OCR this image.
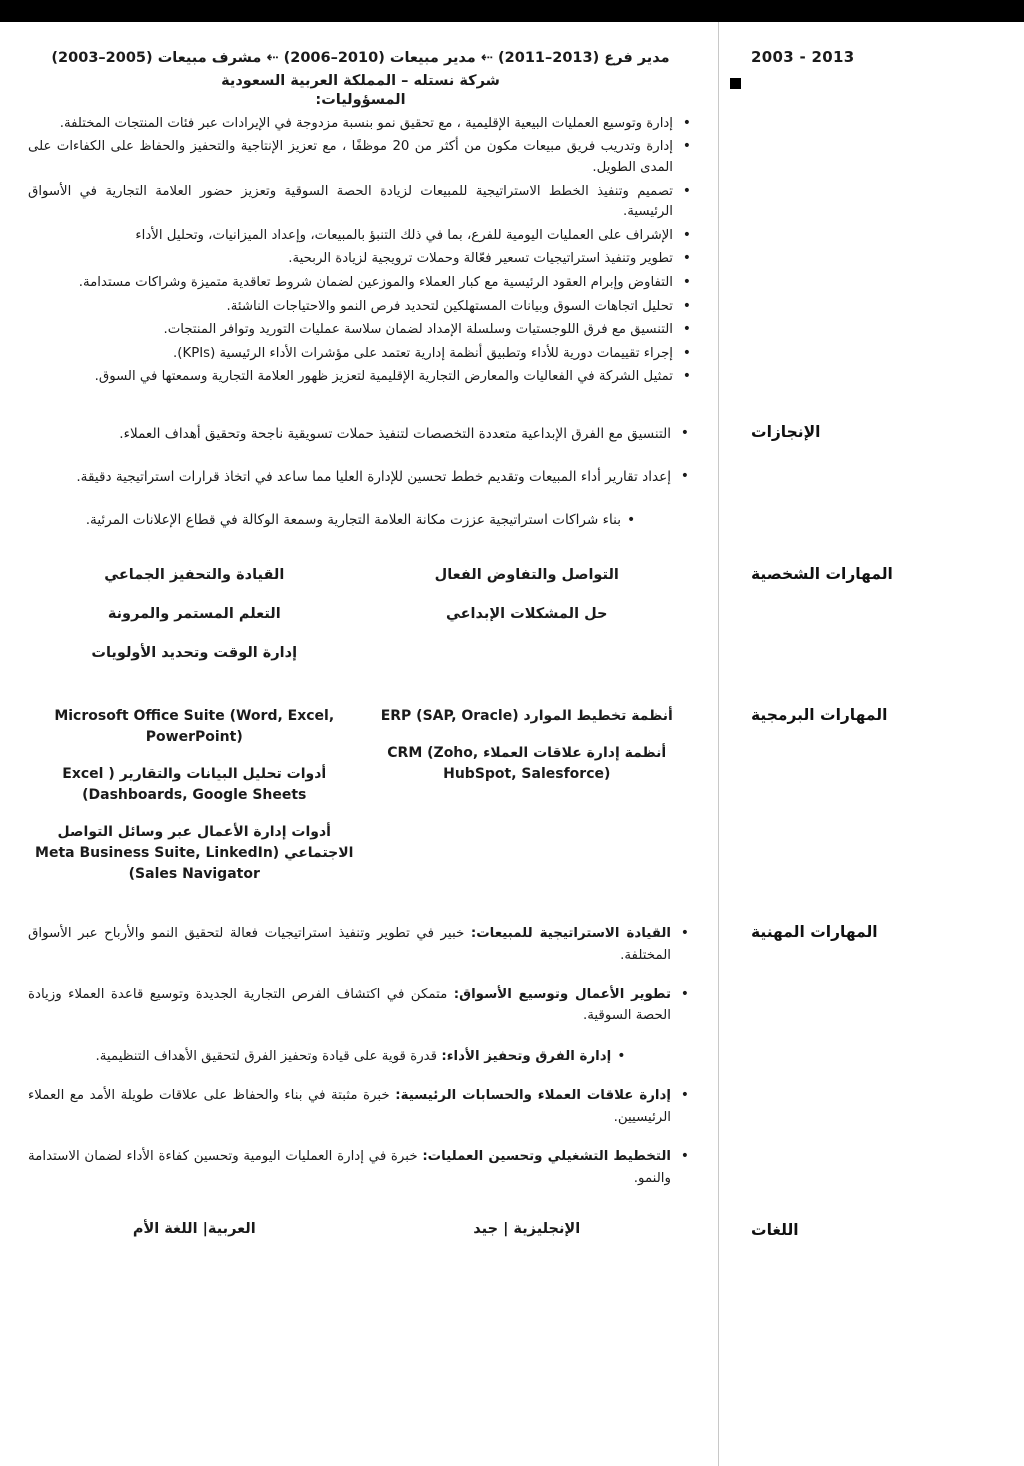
2013 - 2003
مدير فرع (2013–2011) ⇠ مدير مبيعات (2010–2006) ⇠ مشرف مبيعات (2005–2003)
شركة نستله – المملكة العربية السعودية
المسؤوليات:
• إدارة وتوسيع العمليات البيعية الإقليمية ، مع تحقيق نمو بنسبة مزدوجة في الإيرادات عبر فئات المنتجات المختلفة.
• إدارة وتدريب فريق مبيعات مكون من أكثر من 20 موظفًا ، مع تعزيز الإنتاجية والتحفيز والحفاظ على الكفاءات على المدى الطويل.
• تصميم وتنفيذ الخطط الاستراتيجية للمبيعات لزيادة الحصة السوقية وتعزيز حضور العلامة التجارية في الأسواق الرئيسية.
• الإشراف على العمليات اليومية للفرع، بما في ذلك التنبؤ بالمبيعات، وإعداد الميزانيات، وتحليل الأداء
• تطوير وتنفيذ استراتيجيات تسعير فعّالة وحملات ترويجية لزيادة الربحية.
• التفاوض وإبرام العقود الرئيسية مع كبار العملاء والموزعين لضمان شروط تعاقدية متميزة وشراكات مستدامة.
• تحليل اتجاهات السوق وبيانات المستهلكين لتحديد فرص النمو والاحتياجات الناشئة.
• التنسيق مع فرق اللوجستيات وسلسلة الإمداد لضمان سلاسة عمليات التوريد وتوافر المنتجات.
• إجراء تقييمات دورية للأداء وتطبيق أنظمة إدارية تعتمد على مؤشرات الأداء الرئيسية (KPIs).
• تمثيل الشركة في الفعاليات والمعارض التجارية الإقليمية لتعزيز ظهور العلامة التجارية وسمعتها في السوق.
الإنجازات
• التنسيق مع الفرق الإبداعية متعددة التخصصات لتنفيذ حملات تسويقية ناجحة وتحقيق أهداف العملاء.
• إعداد تقارير أداء المبيعات وتقديم خطط تحسين للإدارة العليا مما ساعد في اتخاذ قرارات استراتيجية دقيقة.
• بناء شراكات استراتيجية عززت مكانة العلامة التجارية وسمعة الوكالة في قطاع الإعلانات المرئية.
المهارات الشخصية
التواصل والتفاوض الفعال
حل المشكلات الإبداعي
القيادة والتحفيز الجماعي
التعلم المستمر والمرونة
إدارة الوقت وتحديد الأولويات
المهارات البرمجية
أنظمة تخطيط الموارد ERP (SAP, Oracle)
أنظمة إدارة علاقات العملاء CRM (Zoho, HubSpot, Salesforce)
Microsoft Office Suite (Word, Excel, PowerPoint)
أدوات تحليل البيانات والتقارير ( Excel Dashboards, Google Sheets)
أدوات إدارة الأعمال عبر وسائل التواصل الاجتماعي (Meta Business Suite, LinkedIn Sales Navigator)
المهارات المهنية
• القيادة الاستراتيجية للمبيعات: خبير في تطوير وتنفيذ استراتيجيات فعالة لتحقيق النمو والأرباح عبر الأسواق المختلفة.
• تطوير الأعمال وتوسيع الأسواق: متمكن في اكتشاف الفرص التجارية الجديدة وتوسيع قاعدة العملاء وزيادة الحصة السوقية.
• إدارة الفرق وتحفيز الأداء: قدرة قوية على قيادة وتحفيز الفرق لتحقيق الأهداف التنظيمية.
• إدارة علاقات العملاء والحسابات الرئيسية: خبرة مثبتة في بناء والحفاظ على علاقات طويلة الأمد مع العملاء الرئيسيين.
• التخطيط التشغيلي وتحسين العمليات: خبرة في إدارة العمليات اليومية وتحسين كفاءة الأداء لضمان الاستدامة والنمو.
اللغات
الإنجليزية | جيد
العربية| اللغة الأم
